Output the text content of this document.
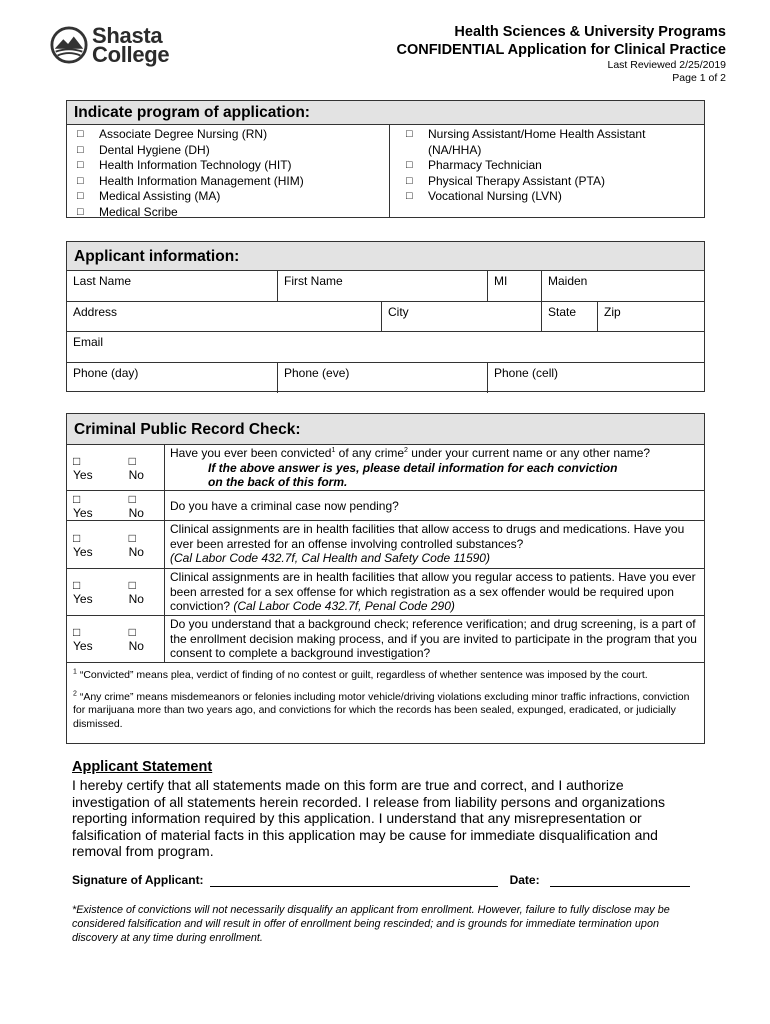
Shasta
College
Health Sciences & University Programs
CONFIDENTIAL Application for Clinical Practice
Last Reviewed 2/25/2019
Page 1 of 2
Indicate program of application:
□	Associate Degree Nursing (RN)
□	Dental Hygiene (DH)
□	Health Information Technology (HIT)
□	Health Information Management (HIM)
□	Medical Assisting (MA)
□	Medical Scribe
□	Nursing Assistant/Home Health Assistant
(NA/HHA)
□	Pharmacy Technician
□	Physical Therapy Assistant (PTA)
□	Vocational Nursing (LVN)
Applicant information:
Last Name	First Name	MI	Maiden
Address	City	State	Zip
Email
Phone (day)	Phone (eve)	Phone (cell)
Criminal Public Record Check:
□ Yes
□ No
Have you ever been convicted$^1$ of any crime$^2$ under your current name or any other name?
If the above answer is yes, please detail information for each conviction
on the back of this form.
□ Yes
□ No	Do you have a criminal case now pending?
□ Yes
□ No
Clinical assignments are in health facilities that allow access to drugs and medications. Have you ever been arrested for an offense involving controlled substances?
(Cal Labor Code 432.7f, Cal Health and Safety Code 11590)
□ Yes
□ No
Clinical assignments are in health facilities that allow you regular access to patients. Have you ever been arrested for a sex offense for which registration as a sex offender would be required upon conviction? (Cal Labor Code 432.7f, Penal Code 290)
□ Yes
□ No
Do you understand that a background check; reference verification; and drug screening, is a part of the enrollment decision making process, and if you are invited to participate in the program that you consent to complete a background investigation?
$^1$ “Convicted” means plea, verdict of finding of no contest or guilt, regardless of whether sentence was imposed by the court.
$^2$ “Any crime” means misdemeanors or felonies including motor vehicle/driving violations excluding minor traffic infractions, conviction for marijuana more than two years ago, and convictions for which the records has been sealed, expunged, eradicated, or judicially dismissed.
Applicant Statement
I hereby certify that all statements made on this form are true and correct, and I authorize investigation of all statements herein recorded. I release from liability persons and organizations reporting information required by this application. I understand that any misrepresentation or falsification of material facts in this application may be cause for immediate disqualification and removal from program.
Signature of Applicant:	Date:
*Existence of convictions will not necessarily disqualify an applicant from enrollment. However, failure to fully disclose may be considered falsification and will result in offer of enrollment being rescinded; and is grounds for immediate termination upon discovery at any time during enrollment.
